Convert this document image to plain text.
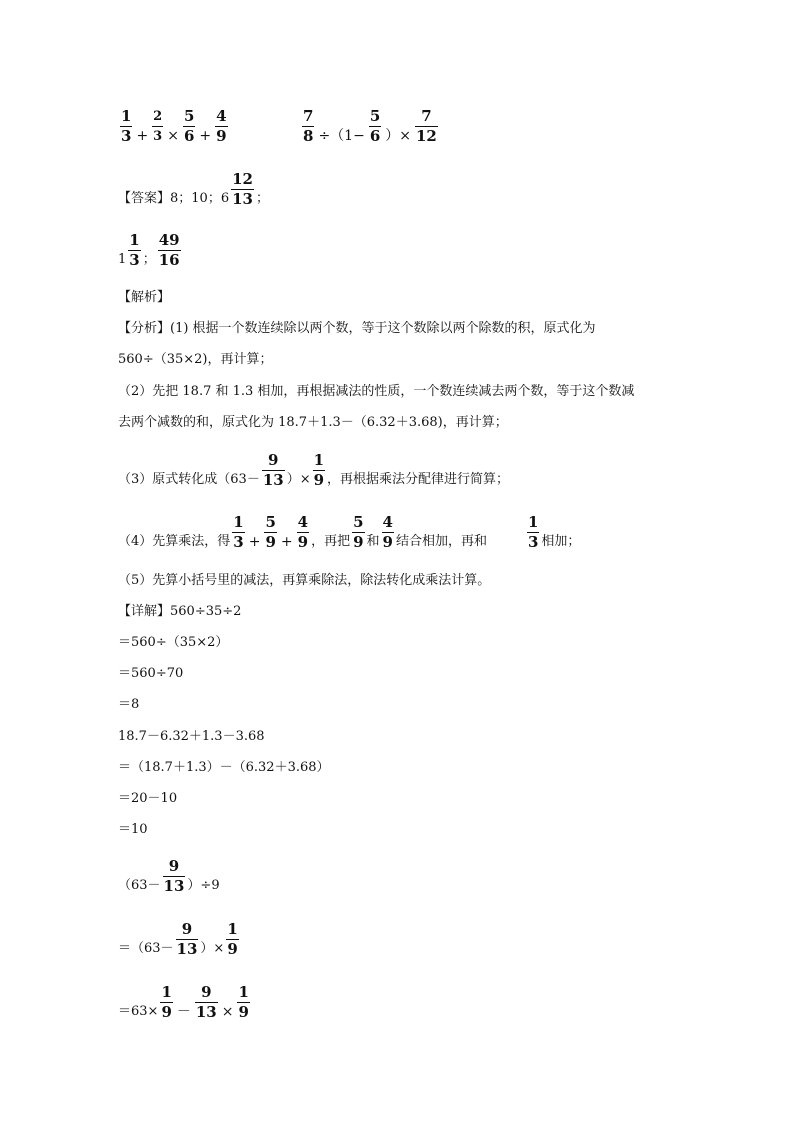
$\frac{1}{3} + \frac{2}{3} \times \frac{5}{6} + \frac{4}{9}$	$\frac{7}{8} \div(1- \frac{5}{6}$ ）× $\frac{7}{12}$
【答案】8；10；$6 \frac{12}{13}$ ；
$1 \frac{1}{3}$ ； $\frac{49}{16}$
【解析】
【分析】(1) 根据一个数连续除以两个数，等于这个数除以两个除数的积，原式化为
560÷（35×2)，再计算；
（2）先把 18.7 和 1.3 相加，再根据减法的性质，一个数连续减去两个数，等于这个数减
去两个减数的和，原式化为 18.7＋1.3－（6.32＋3.68)，再计算；
（3）原式转化成（$63- \frac{9}{13}$ ）× $\frac{1}{9}$ ，再根据乘法分配律进行简算；
（4）先算乘法，得 $\frac{1}{3} + \frac{5}{9} + \frac{4}{9}$ ，再把 $\frac{5}{9}$ 和 $\frac{4}{9}$ 结合相加，再和	$\frac{1}{3}$ 相加；
（5）先算小括号里的减法，再算乘除法，除法转化成乘法计算。
【详解】560÷35÷2
＝560÷（35×2）
＝560÷70
＝8
18.7－6.32＋1.3－3.68
＝（18.7＋1.3）－（6.32＋3.68）
＝20－10
＝10
$(63- \frac{9}{13} )\div 9$
$=(63- \frac{9}{13}$ ）× $\frac{1}{9}$
$=63\times \frac{1}{9} - \frac{9}{13} \times \frac{1}{9}$
